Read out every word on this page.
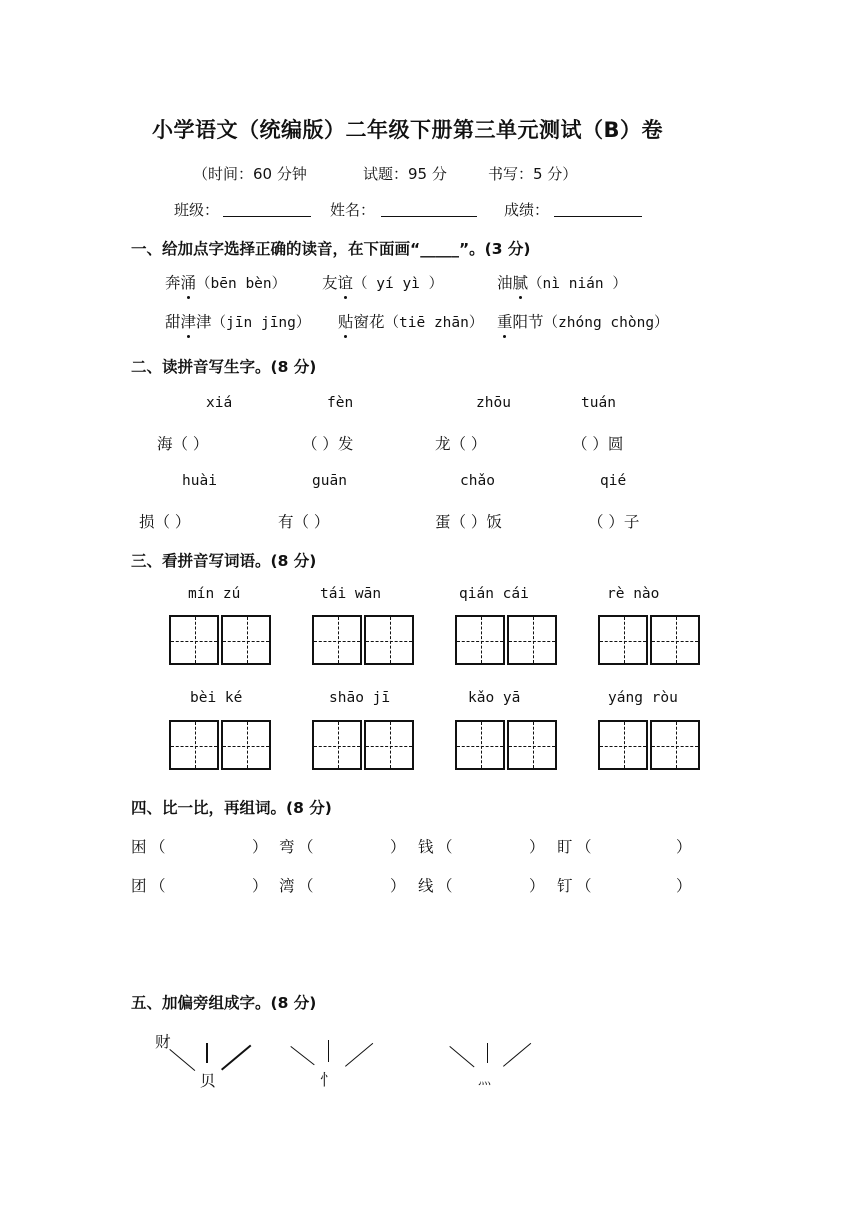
小学语文（统编版）二年级下册第三单元测试（B）卷
（时间：60 分钟	试题：95 分	书写：5 分）
班级：	姓名：	成绩：
一、给加点字选择正确的读音，在下面画“_____”。(3 分)
奔涌（bēn bèn） 友谊（ yí yì ）	油腻（nì nián ）
甜津津（jīn jīng） 贴窗花（tiē zhān） 重阳节（zhóng chòng）
二、读拼音写生字。(8 分)
xiá	fèn	zhōu	tuán
海（ ）	（ ）发	龙（ ）	（ ）圆
huài	guān	chǎo	qié
损（ ）	有（ ）	蛋（ ）饭	（ ）子
三、看拼音写词语。(8 分)
mín zú	tái wān	qián cái	rè nào
bèi ké	shāo jī	kǎo yā	yáng ròu
四、比一比，再组词。(8 分)
困 （	） 弯 （	） 钱 （	） 盯 （	）
团 （	） 湾 （	） 线 （	） 钉 （	）
五、加偏旁组成字。(8 分)
财
贝	忄	灬
